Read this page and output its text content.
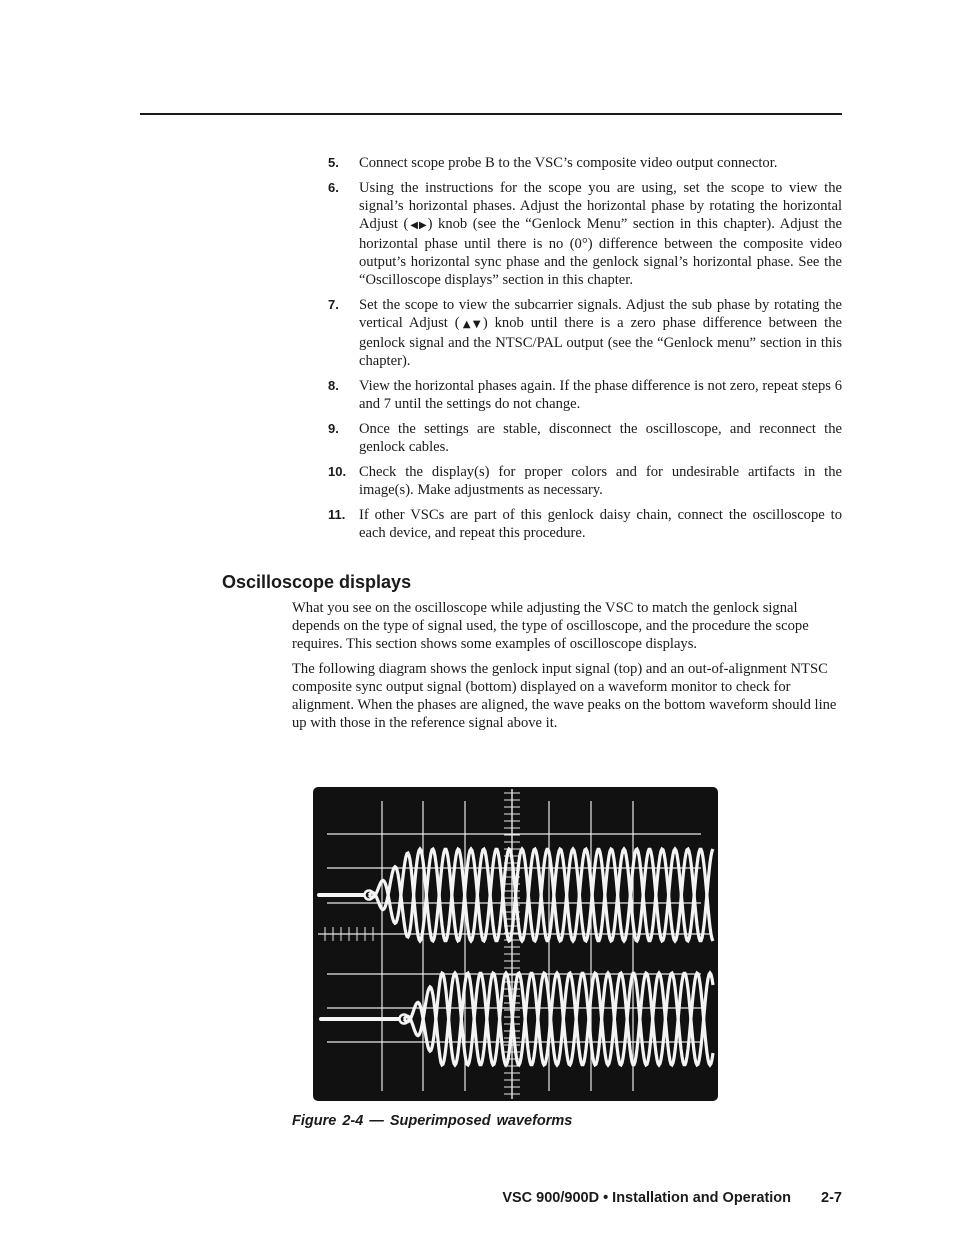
5. Connect scope probe B to the VSC’s composite video output connector.
6. Using the instructions for the scope you are using, set the scope to view the signal’s horizontal phases. Adjust the horizontal phase by rotating the horizontal Adjust (◀▶) knob (see the “Genlock Menu” section in this chapter). Adjust the horizontal phase until there is no (0°) difference between the composite video output’s horizontal sync phase and the genlock signal’s horizontal phase. See the “Oscilloscope displays” section in this chapter.
7. Set the scope to view the subcarrier signals. Adjust the sub phase by rotating the vertical Adjust (▲▼) knob until there is a zero phase difference between the genlock signal and the NTSC/PAL output (see the “Genlock menu” section in this chapter).
8. View the horizontal phases again. If the phase difference is not zero, repeat steps 6 and 7 until the settings do not change.
9. Once the settings are stable, disconnect the oscilloscope, and reconnect the genlock cables.
10. Check the display(s) for proper colors and for undesirable artifacts in the image(s). Make adjustments as necessary.
11. If other VSCs are part of this genlock daisy chain, connect the oscilloscope to each device, and repeat this procedure.
Oscilloscope displays

What you see on the oscilloscope while adjusting the VSC to match the genlock signal depends on the type of signal used, the type of oscilloscope, and the procedure the scope requires. This section shows some examples of oscilloscope displays.

The following diagram shows the genlock input signal (top) and an out-of-alignment NTSC composite sync output signal (bottom) displayed on a waveform monitor to check for alignment. When the phases are aligned, the wave peaks on the bottom waveform should line up with those in the reference signal above it.

Figure 2-4 — Superimposed waveforms

VSC 900/900D • Installation and Operation 2-7
